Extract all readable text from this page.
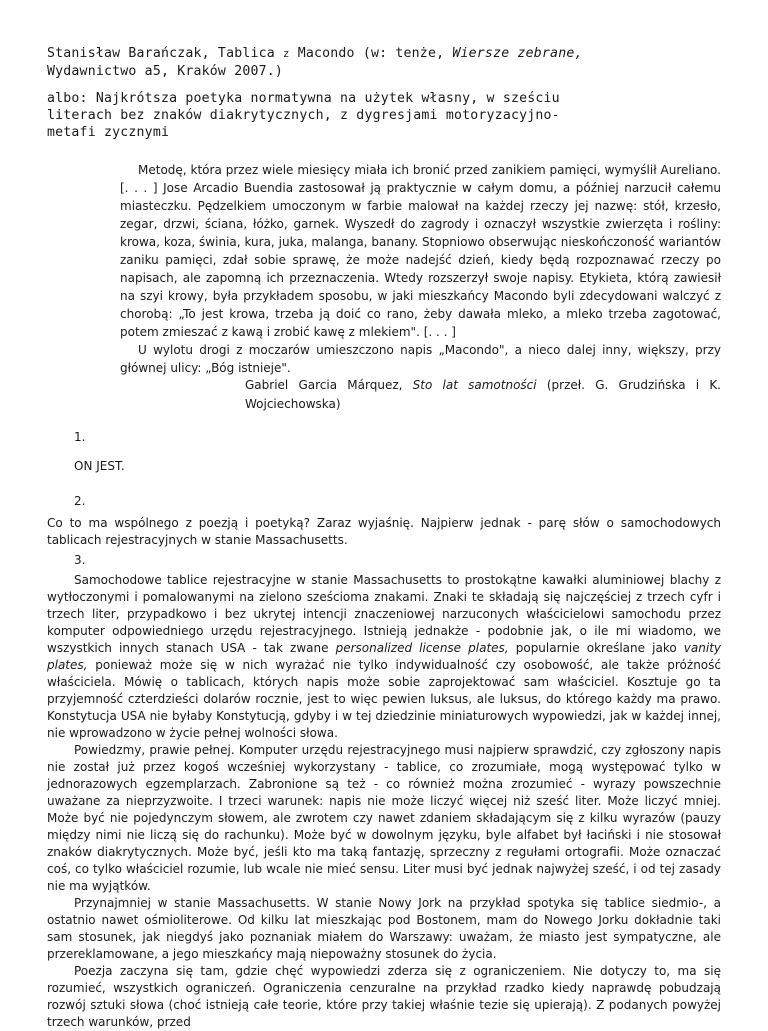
Stanisław Barańczak, Tablica z Macondo (w: tenże, Wiersze zebrane,
Wydawnictwo a5, Kraków 2007.)
albo: Najkrótsza poetyka normatywna na użytek własny, w sześciu
literach bez znaków diakrytycznych, z dygresjami motoryzacyjno-
metafi zycznymi

Metodę, która przez wiele miesięcy miała ich bronić przed zanikiem pamięci, wymyślił Aureliano. [. . . ] Jose Arcadio Buendia zastosował ją praktycznie w całym domu, a później narzucił całemu miasteczku. Pędzelkiem umoczonym w farbie malował na każdej rzeczy jej nazwę: stół, krzesło, zegar, drzwi, ściana, łóżko, garnek. Wyszedł do zagrody i oznaczył wszystkie zwierzęta i rośliny: krowa, koza, świnia, kura, juka, malanga, banany. Stopniowo obserwując nieskończoność wariantów zaniku pamięci, zdał sobie sprawę, że może nadejść dzień, kiedy będą rozpoznawać rzeczy po napisach, ale zapomną ich przeznaczenia. Wtedy rozszerzył swoje napisy. Etykieta, którą zawiesił na szyi krowy, była przykładem sposobu, w jaki mieszkańcy Macondo byli zdecydowani walczyć z chorobą: „To jest krowa, trzeba ją doić co rano, żeby dawała mleko, a mleko trzeba zagotować, potem zmieszać z kawą i zrobić kawę z mlekiem". [. . . ]

U wylotu drogi z moczarów umieszczono napis „Macondo", a nieco dalej inny, większy, przy głównej ulicy: „Bóg istnieje".

Gabriel Garcia Márquez, Sto lat samotności (przeł. G. Grudzińska i K. Wojciechowska)
1.
ON JEST.
2.

Co to ma wspólnego z poezją i poetyką? Zaraz wyjaśnię. Najpierw jednak - parę słów o samochodowych tablicach rejestracyjnych w stanie Massachusetts.

3.

Samochodowe tablice rejestracyjne w stanie Massachusetts to prostokątne kawałki aluminiowej blachy z wytłoczonymi i pomalowanymi na zielono sześcioma znakami. Znaki te składają się najczęściej z trzech cyfr i trzech liter, przypadkowo i bez ukrytej intencji znaczeniowej narzuconych właścicielowi samochodu przez komputer odpowiedniego urzędu rejestracyjnego. Istnieją jednakże - podobnie jak, o ile mi wiadomo, we wszystkich innych stanach USA - tak zwane personalized license plates, popularnie określane jako vanity plates, ponieważ może się w nich wyrażać nie tylko indywidualność czy osobowość, ale także próżność właściciela. Mówię o tablicach, których napis może sobie zaprojektować sam właściciel. Kosztuje go ta przyjemność czterdzieści dolarów rocznie, jest to więc pewien luksus, ale luksus, do którego każdy ma prawo. Konstytucja USA nie byłaby Konstytucją, gdyby i w tej dziedzinie miniaturowych wypowiedzi, jak w każdej innej, nie wprowadzono w życie pełnej wolności słowa.

Powiedzmy, prawie pełnej. Komputer urzędu rejestracyjnego musi najpierw sprawdzić, czy zgłoszony napis nie został już przez kogoś wcześniej wykorzystany - tablice, co zrozumiałe, mogą występować tylko w jednorazowych egzemplarzach. Zabronione są też - co również można zrozumieć - wyrazy powszechnie uważane za nieprzyzwoite. I trzeci warunek: napis nie może liczyć więcej niż sześć liter. Może liczyć mniej. Może być nie pojedynczym słowem, ale zwrotem czy nawet zdaniem składającym się z kilku wyrazów (pauzy między nimi nie liczą się do rachunku). Może być w dowolnym języku, byle alfabet był łaciński i nie stosował znaków diakrytycznych. Może być, jeśli kto ma taką fantazję, sprzeczny z regułami ortografii. Może oznaczać coś, co tylko właściciel rozumie, lub wcale nie mieć sensu. Liter musi być jednak najwyżej sześć, i od tej zasady nie ma wyjątków.

Przynajmniej w stanie Massachusetts. W stanie Nowy Jork na przykład spotyka się tablice siedmio-, a ostatnio nawet ośmioliterowe. Od kilku lat mieszkając pod Bostonem, mam do Nowego Jorku dokładnie taki sam stosunek, jak niegdyś jako poznaniak miałem do Warszawy: uważam, że miasto jest sympatyczne, ale przereklamowane, a jego mieszkańcy mają niepoważny stosunek do życia.

Poezja zaczyna się tam, gdzie chęć wypowiedzi zderza się z ograniczeniem. Nie dotyczy to, ma się rozumieć, wszystkich ograniczeń. Ograniczenia cenzuralne na przykład rzadko kiedy naprawdę pobudzają rozwój sztuki słowa (choć istnieją całe teorie, które przy takiej właśnie tezie się upierają). Z podanych powyżej trzech warunków, przed
